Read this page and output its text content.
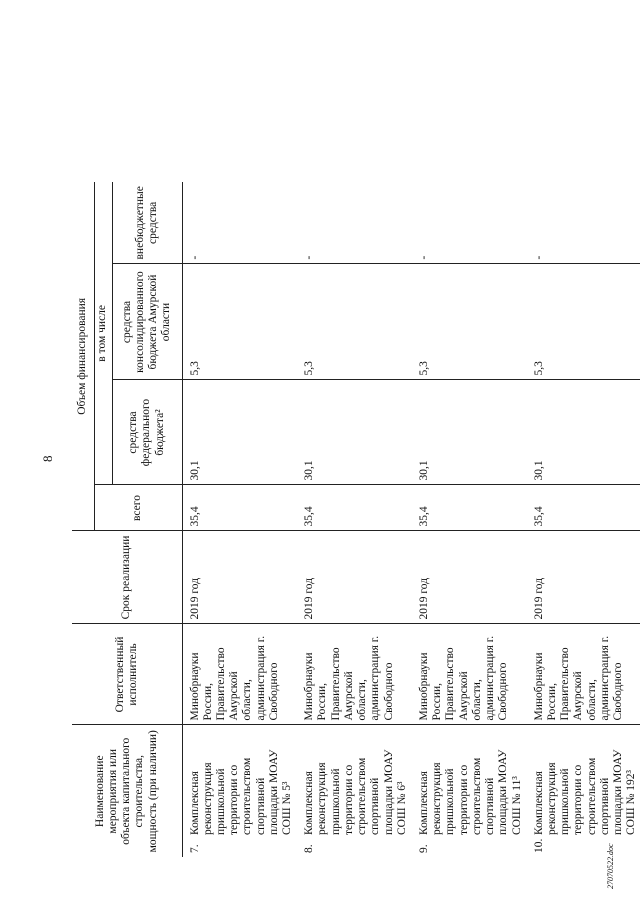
8
Наименование мероприятия или объекта капитального строительства, мощность (при наличии)	Ответственный исполнитель	Срок реализации	Объем финансирования			
			всего	в том числе		
				средства федерального бюджета²	средства консолидированного бюджета Амурской области	внебюджетные средства

7.
Комплексная реконструкция пришкольной территории со строительством спортивной площадки МОАУ СОШ № 5³	Минобрнауки России, Правительство Амурской области, администрация г. Свободного	2019 год	35,4	30,1	5,3	-

8.
Комплексная реконструкция пришкольной территории со строительством спортивной площадки МОАУ СОШ № 6³	Минобрнауки России, Правительство Амурской области, администрация г. Свободного	2019 год	35,4	30,1	5,3	-

9.
Комплексная реконструкция пришкольной территории со строительством спортивной площадки МОАУ СОШ № 11³	Минобрнауки России, Правительство Амурской области, администрация г. Свободного	2019 год	35,4	30,1	5,3	-

10.
Комплексная реконструкция пришкольной территории со строительством спортивной площадки МОАУ СОШ № 192³	Минобрнауки России, Правительство Амурской области, администрация г. Свободного	2019 год	35,4	30,1	5,3	-
27070522.doc
